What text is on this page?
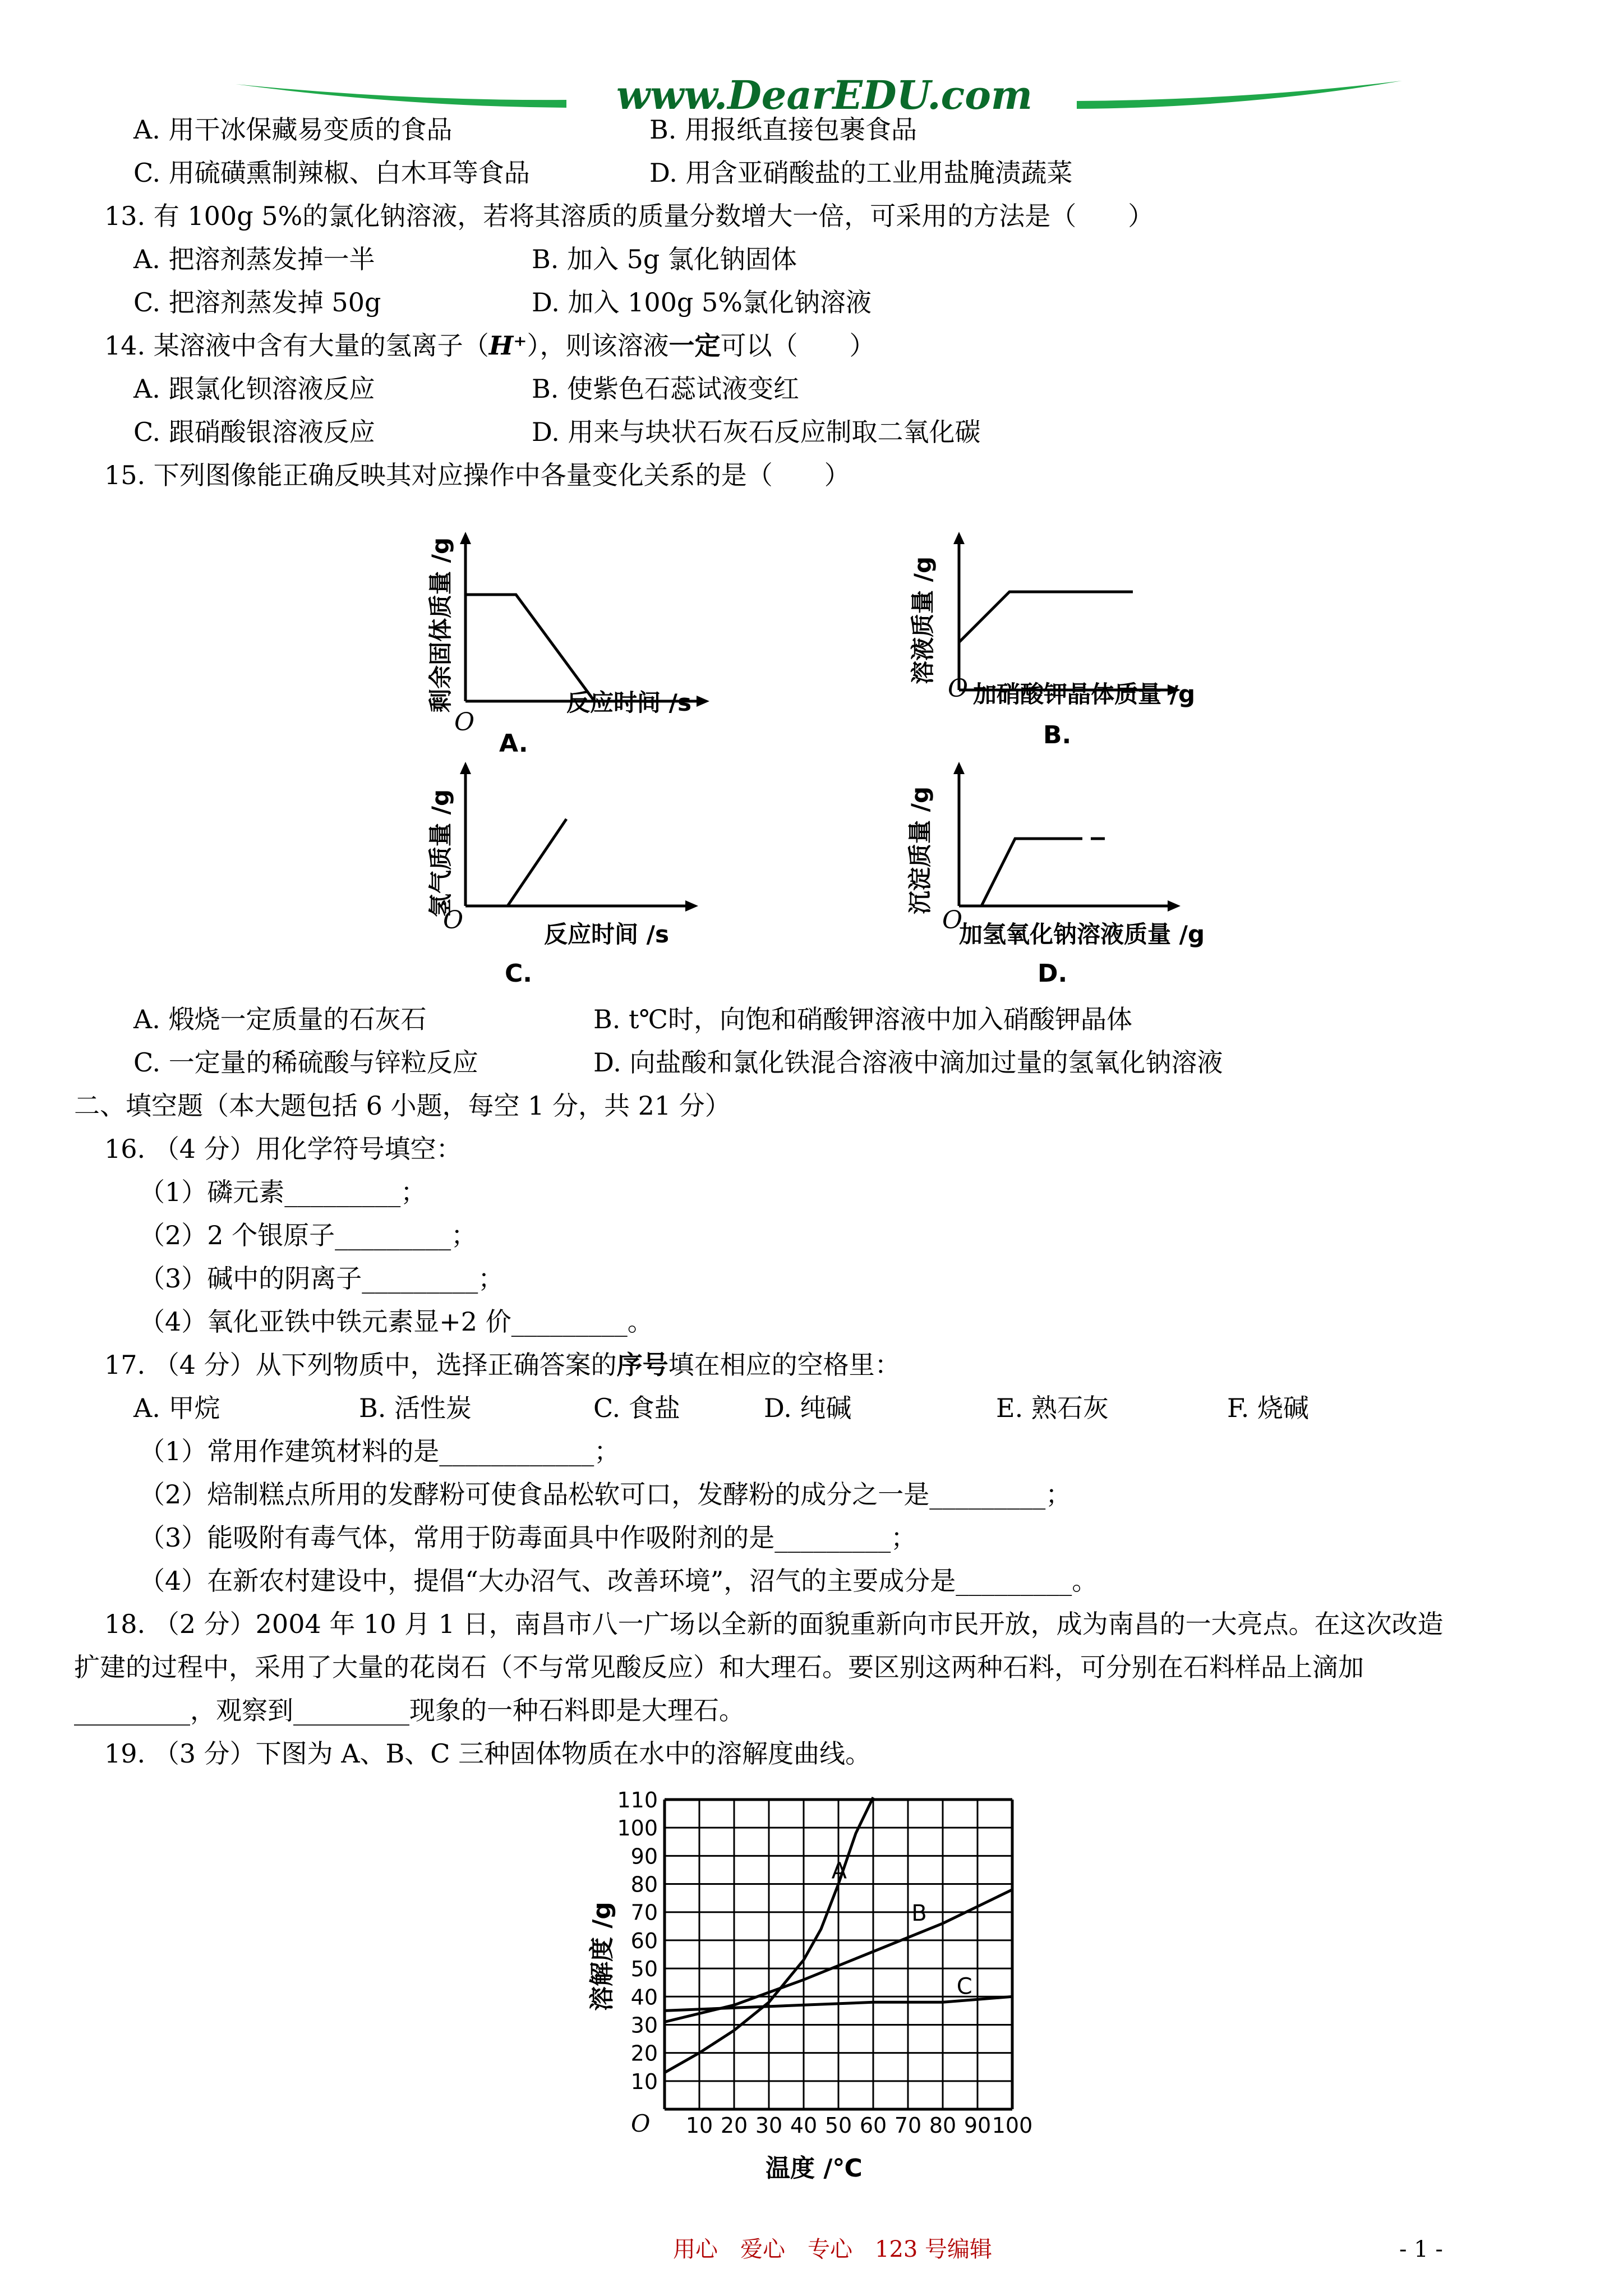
www.DearEDU.com
A. 用干冰保藏易变质的食品	B. 用报纸直接包裹食品
C. 用硫磺熏制辣椒、白木耳等食品	D. 用含亚硝酸盐的工业用盐腌渍蔬菜
13. 有 100g 5%的氯化钠溶液，若将其溶质的质量分数增大一倍，可采用的方法是（　　）
A. 把溶剂蒸发掉一半	B. 加入 5g 氯化钠固体
C. 把溶剂蒸发掉 50g	D. 加入 100g 5%氯化钠溶液
14. 某溶液中含有大量的氢离子（H⁺），则该溶液一定可以（　　）
A. 跟氯化钡溶液反应	B. 使紫色石蕊试液变红
C. 跟硝酸银溶液反应	D. 用来与块状石灰石反应制取二氧化碳
15. 下列图像能正确反映其对应操作中各量变化关系的是（　　）
O
反应时间 /s
剩余固体质量 /g
A.
O 加硝酸钾晶体质量 /g
溶液质量 /g
B.
O	反应时间 /s
氢气质量 /g
C.
O
加氢氧化钠溶液质量 /g
沉淀质量 /g
D.
A. 煅烧一定质量的石灰石	B. t℃时，向饱和硝酸钾溶液中加入硝酸钾晶体
C. 一定量的稀硫酸与锌粒反应	D. 向盐酸和氯化铁混合溶液中滴加过量的氢氧化钠溶液
二、填空题（本大题包括 6 小题，每空 1 分，共 21 分）
16. （4 分）用化学符号填空：
（1）磷元素_________；
（2）2 个银原子_________；
（3）碱中的阴离子_________；
（4）氧化亚铁中铁元素显+2 价_________。
17. （4 分）从下列物质中，选择正确答案的序号填在相应的空格里：
A. 甲烷	B. 活性炭	C. 食盐	D. 纯碱	E. 熟石灰	F. 烧碱
（1）常用作建筑材料的是____________；
（2）焙制糕点所用的发酵粉可使食品松软可口，发酵粉的成分之一是_________；
（3）能吸附有毒气体，常用于防毒面具中作吸附剂的是_________；
（4）在新农村建设中，提倡“大办沼气、改善环境”，沼气的主要成分是_________。
18. （2 分）2004 年 10 月 1 日，南昌市八一广场以全新的面貌重新向市民开放，成为南昌的一大亮点。在这次改造
扩建的过程中，采用了大量的花岗石（不与常见酸反应）和大理石。要区别这两种石料，可分别在石料样品上滴加
_________，观察到_________现象的一种石料即是大理石。
19. （3 分）下图为 A、B、C 三种固体物质在水中的溶解度曲线。
A
B
C
10
20
30
40
50
60
70
80
90
100
110
10 20 30 40 50 60 70 80 90 100
O
温度 /℃
溶解度 /g
用心　爱心　专心　123 号编辑	- 1 -
